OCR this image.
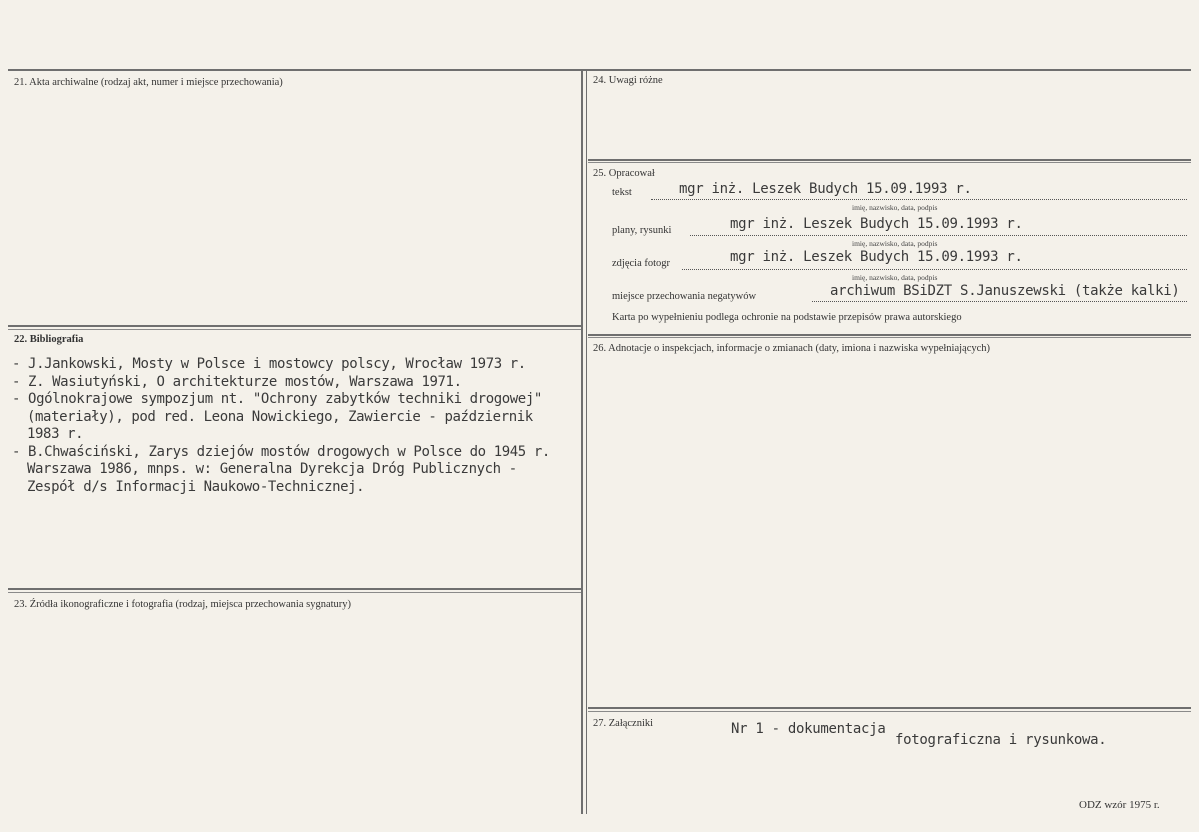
21. Akta archiwalne (rodzaj akt, numer i miejsce przechowania)
22. Bibliografia
23. Źródła ikonograficzne i fotografia (rodzaj, miejsca przechowania sygnatury)
24. Uwagi różne
25. Opracował
26. Adnotacje o inspekcjach, informacje o zmianach (daty, imiona i nazwiska wypełniających)
27. Załączniki
tekst	mgr inż. Leszek Budych 15.09.1993 r.
imię, nazwisko, data, podpis
plany, rysunki	mgr inż. Leszek Budych 15.09.1993 r.
imię, nazwisko, data, podpis
zdjęcia fotogr	mgr inż. Leszek Budych 15.09.1993 r.
imię, nazwisko, data, podpis
miejsce przechowania negatywów	archiwum BSiDZT S.Januszewski (także kalki)
Karta po wypełnieniu podlega ochronie na podstawie przepisów prawa autorskiego
- J.Jankowski, Mosty w Polsce i mostowcy polscy, Wrocław 1973 r.
- Z. Wasiutyński, O architekturze mostów, Warszawa 1971.
- Ogólnokrajowe sympozjum nt. "Ochrony zabytków techniki drogowej"
(materiały), pod red. Leona Nowickiego, Zawiercie - październik
1983 r.
- B.Chwaściński, Zarys dziejów mostów drogowych w Polsce do 1945 r.
Warszawa 1986, mnps. w: Generalna Dyrekcja Dróg Publicznych -
Zespół d/s Informacji Naukowo-Technicznej.
Nr 1 - dokumentacja
fotograficzna i rysunkowa.
ODZ wzór 1975 r.
